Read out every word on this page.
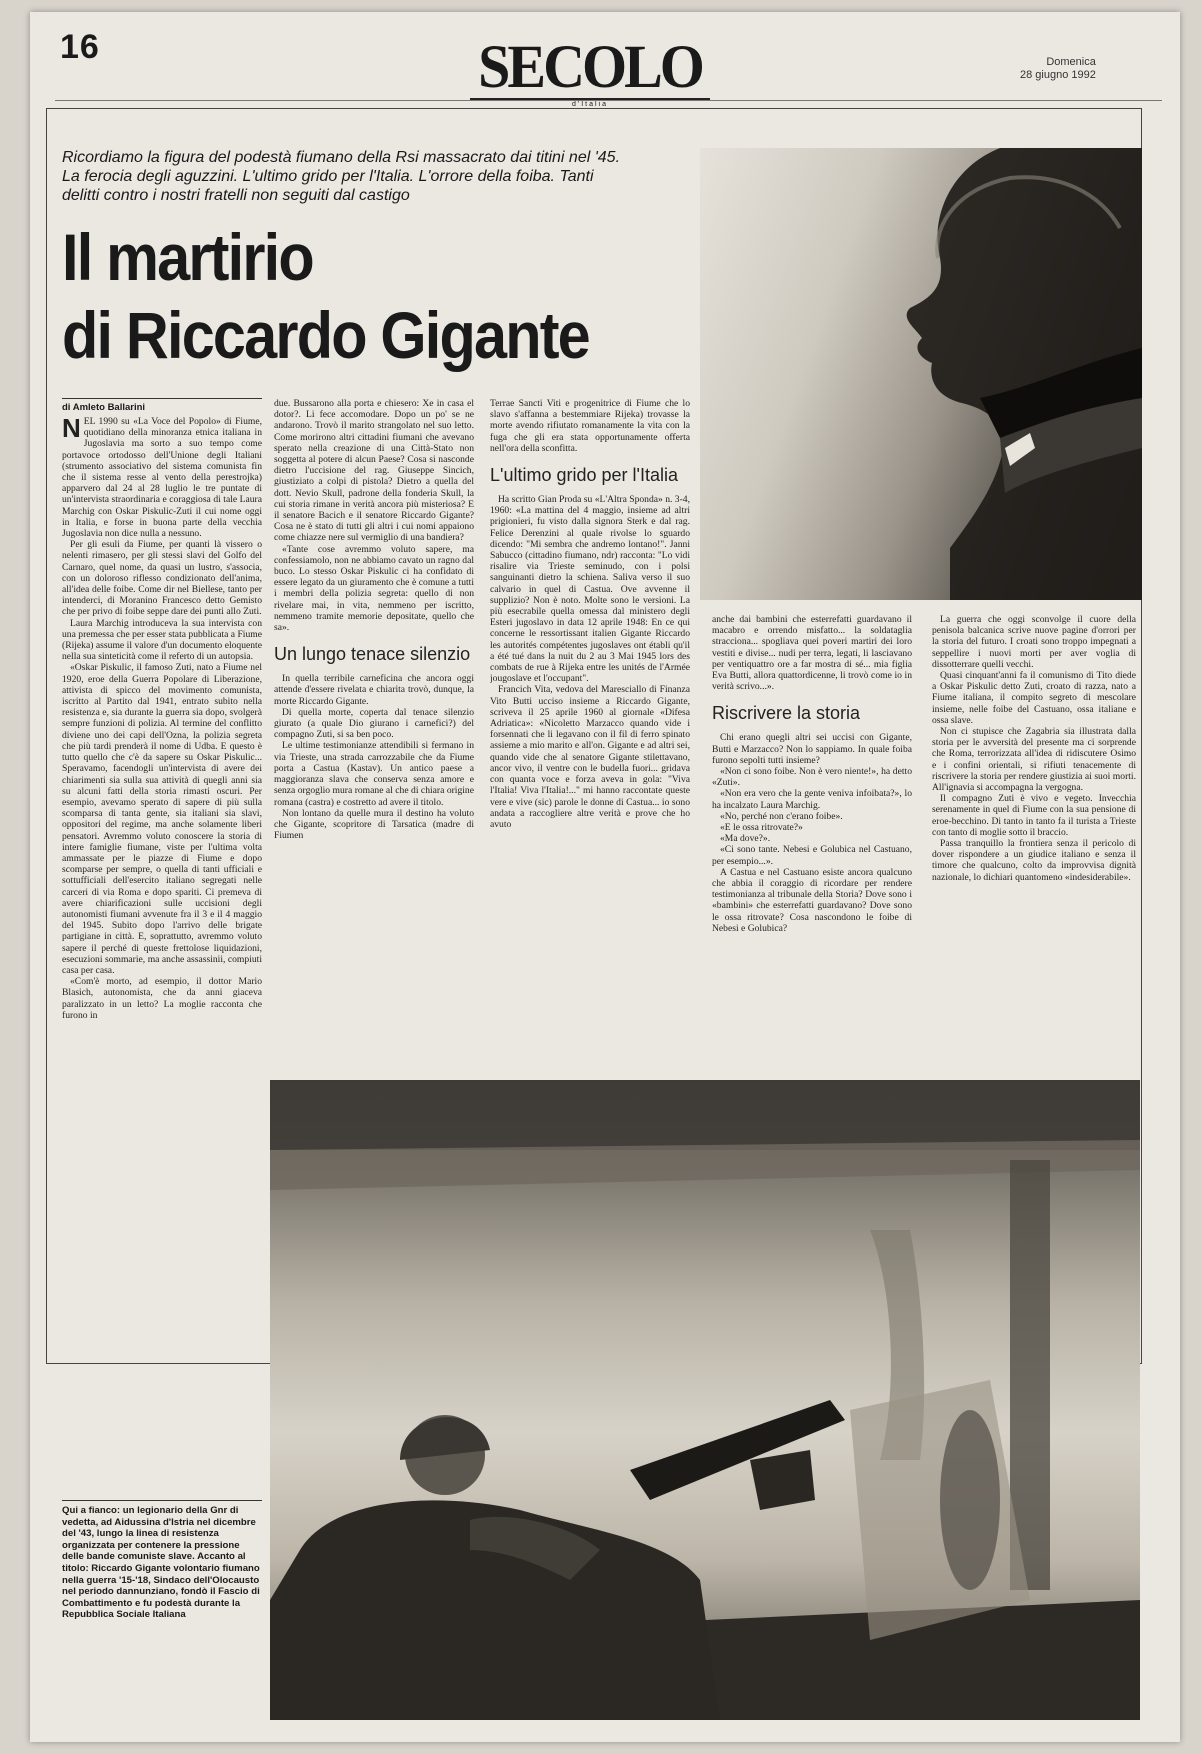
16	SECOLO
d'Italia
Domenica
28 giugno 1992
Ricordiamo la figura del podestà fiumano della Rsi massacrato dai titini nel '45. La ferocia degli aguzzini. L'ultimo grido per l'Italia. L'orrore della foiba. Tanti delitti contro i nostri fratelli non seguiti dal castigo
Il martirio
di Riccardo Gigante
di Amleto Ballarini

NEL 1990 su «La Voce del Popolo» di Fiume, quotidiano della minoranza etnica italiana in Jugoslavia ma sorto a suo tempo come portavoce ortodosso dell'Unione degli Italiani (strumento associativo del sistema comunista fin che il sistema resse al vento della perestrojka) apparvero dal 24 al 28 luglio le tre puntate di un'intervista straordinaria e coraggiosa di tale Laura Marchig con Oskar Piskulic-Zuti il cui nome oggi in Italia, e forse in buona parte della vecchia Jugoslavia non dice nulla a nessuno.

Per gli esuli da Fiume, per quanti là vissero o nelenti rimasero, per gli stessi slavi del Golfo del Carnaro, quel nome, da quasi un lustro, s'associa, con un doloroso riflesso condizionato dell'anima, all'idea delle foibe. Come dir nel Biellese, tanto per intenderci, di Moranino Francesco detto Gemisto che per privo di foibe seppe dare dei punti allo Zuti.

Laura Marchig introduceva la sua intervista con una premessa che per esser stata pubblicata a Fiume (Rijeka) assume il valore d'un documento eloquente nella sua sinteticità come il referto di un autopsia.

«Oskar Piskulic, il famoso Zuti, nato a Fiume nel 1920, eroe della Guerra Popolare di Liberazione, attivista di spicco del movimento comunista, iscritto al Partito dal 1941, entrato subito nella resistenza e, sia durante la guerra sia dopo, svolgerà sempre funzioni di polizia. Al termine del conflitto diviene uno dei capi dell'Ozna, la polizia segreta che più tardi prenderà il nome di Udba. E questo è tutto quello che c'è da sapere su Oskar Piskulic... Speravamo, facendogli un'intervista di avere dei chiarimenti sia sulla sua attività di quegli anni sia su alcuni fatti della storia rimasti oscuri. Per esempio, avevamo sperato di sapere di più sulla scomparsa di tanta gente, sia italiani sia slavi, oppositori del regime, ma anche solamente liberi pensatori. Avremmo voluto conoscere la storia di intere famiglie fiumane, viste per l'ultima volta ammassate per le piazze di Fiume e dopo scomparse per sempre, o quella di tanti ufficiali e sottufficiali dell'esercito italiano segregati nelle carceri di via Roma e dopo spariti. Ci premeva di avere chiarificazioni sulle uccisioni degli autonomisti fiumani avvenute fra il 3 e il 4 maggio del 1945. Subito dopo l'arrivo delle brigate partigiane in città. E, soprattutto, avremmo voluto sapere il perché di queste frettolose liquidazioni, esecuzioni sommarie, ma anche assassinii, compiuti casa per casa.

«Com'è morto, ad esempio, il dottor Mario Blasich, autonomista, che da anni giaceva paralizzato in un letto? La moglie racconta che furono in

due. Bussarono alla porta e chiesero: Xe in casa el dotor?. Li fece accomodare. Dopo un po' se ne andarono. Trovò il marito strangolato nel suo letto. Come morirono altri cittadini fiumani che avevano sperato nella creazione di una Città-Stato non soggetta al potere di alcun Paese? Cosa si nasconde dietro l'uccisione del rag. Giuseppe Sincich, giustiziato a colpi di pistola? Dietro a quella del dott. Nevio Skull, padrone della fonderia Skull, la cui storia rimane in verità ancora più misteriosa? E il senatore Bacich e il senatore Riccardo Gigante? Cosa ne è stato di tutti gli altri i cui nomi appaiono come chiazze nere sul vermiglio di una bandiera?

«Tante cose avremmo voluto sapere, ma confessiamolo, non ne abbiamo cavato un ragno dal buco. Lo stesso Oskar Piskulic ci ha confidato di essere legato da un giuramento che è comune a tutti i membri della polizia segreta: quello di non rivelare mai, in vita, nemmeno per iscritto, nemmeno tramite memorie depositate, quello che sa».

Un lungo tenace silenzio

In quella terribile carneficina che ancora oggi attende d'essere rivelata e chiarita trovò, dunque, la morte Riccardo Gigante.

Di quella morte, coperta dal tenace silenzio giurato (a quale Dio giurano i carnefici?) del compagno Zuti, si sa ben poco.

Le ultime testimonianze attendibili si fermano in via Trieste, una strada carrozzabile che da Fiume porta a Castua (Kastav). Un antico paese a maggioranza slava che conserva senza amore e senza orgoglio mura romane al che di chiara origine romana (castra) e costretto ad avere il titolo.

Non lontano da quelle mura il destino ha voluto che Gigante, scopritore di Tarsatica (madre di Fiumen

Terrae Sancti Viti e progenitrice di Fiume che lo slavo s'affanna a bestemmiare Rijeka) trovasse la morte avendo rifiutato romanamente la vita con la fuga che gli era stata opportunamente offerta nell'ora della sconfitta.

L'ultimo grido per l'Italia

Ha scritto Gian Proda su «L'Altra Sponda» n. 3-4, 1960: «La mattina del 4 maggio, insieme ad altri prigionieri, fu visto dalla signora Sterk e dal rag. Felice Derenzini al quale rivolse lo sguardo dicendo: "Mi sembra che andremo lontano!". Janni Sabucco (cittadino fiumano, ndr) racconta: "Lo vidi risalire via Trieste seminudo, con i polsi sanguinanti dietro la schiena. Saliva verso il suo calvario in quel di Castua. Ove avvenne il supplizio? Non è noto. Molte sono le versioni. La più esecrabile quella omessa dal ministero degli Esteri jugoslavo in data 12 aprile 1948: En ce qui concerne le ressortissant italien Gigante Riccardo les autorités compétentes jugoslaves ont établi qu'il a été tué dans la nuit du 2 au 3 Mai 1945 lors des combats de rue à Rijeka entre les unités de l'Armée jougoslave et l'occupant".

Francich Vita, vedova del Maresciallo di Finanza Vito Butti ucciso insieme a Riccardo Gigante, scriveva il 25 aprile 1960 al giornale «Difesa Adriatica»: «Nicoletto Marzacco quando vide i forsennati che li legavano con il fil di ferro spinato assieme a mio marito e all'on. Gigante e ad altri sei, quando vide che al senatore Gigante stilettavano, ancor vivo, il ventre con le budella fuori... gridava con quanta voce e forza aveva in gola: "Viva l'Italia! Viva l'Italia!..." mi hanno raccontate queste vere e vive (sic) parole le donne di Castua... io sono andata a raccogliere altre verità e prove che ho avuto

anche dai bambini che esterrefatti guardavano il macabro e orrendo misfatto... la soldataglia stracciona... spogliava quei poveri martiri dei loro vestiti e divise... nudi per terra, legati, li lasciavano per ventiquattro ore a far mostra di sé... mia figlia Eva Butti, allora quattordicenne, li trovò come io in verità scrivo...».

Riscrivere la storia

Chi erano quegli altri sei uccisi con Gigante, Butti e Marzacco? Non lo sappiamo. In quale foiba furono sepolti tutti insieme?

«Non ci sono foibe. Non è vero niente!», ha detto «Zuti».

«Non era vero che la gente veniva infoibata?», lo ha incalzato Laura Marchig.

«No, perché non c'erano foibe».

«E le ossa ritrovate?»

«Ma dove?».

«Ci sono tante. Nebesi e Golubica nel Castuano, per esempio...».

A Castua e nel Castuano esiste ancora qualcuno che abbia il coraggio di ricordare per rendere testimonianza al tribunale della Storia? Dove sono i «bambini» che esterrefatti guardavano? Dove sono le ossa ritrovate? Cosa nascondono le foibe di Nebesi e Golubica?

La guerra che oggi sconvolge il cuore della penisola balcanica scrive nuove pagine d'orrori per la storia del futuro. I croati sono troppo impegnati a seppellire i nuovi morti per aver voglia di dissotterrare quelli vecchi.

Quasi cinquant'anni fa il comunismo di Tito diede a Oskar Piskulic detto Zuti, croato di razza, nato a Fiume italiana, il compito segreto di mescolare insieme, nelle foibe del Castuano, ossa italiane e ossa slave.

Non ci stupisce che Zagabria sia illustrata dalla storia per le avversità del presente ma ci sorprende che Roma, terrorizzata all'idea di ridiscutere Osimo e i confini orientali, si rifiuti tenacemente di riscrivere la storia per rendere giustizia ai suoi morti. All'ignavia si accompagna la vergogna.

Il compagno Zuti è vivo e vegeto. Invecchia serenamente in quel di Fiume con la sua pensione di eroe-becchino. Di tanto in tanto fa il turista a Trieste con tanto di moglie sotto il braccio.

Passa tranquillo la frontiera senza il pericolo di dover rispondere a un giudice italiano e senza il timore che qualcuno, colto da improvvisa dignità nazionale, lo dichiari quantomeno «indesiderabile».

Qui a fianco: un legionario della Gnr di vedetta, ad Aidussina d'Istria nel dicembre del '43, lungo la linea di resistenza organizzata per contenere la pressione delle bande comuniste slave. Accanto al titolo: Riccardo Gigante volontario fiumano nella guerra '15-'18, Sindaco dell'Olocausto nel periodo dannunziano, fondò il Fascio di Combattimento e fu podestà durante la Repubblica Sociale Italiana
